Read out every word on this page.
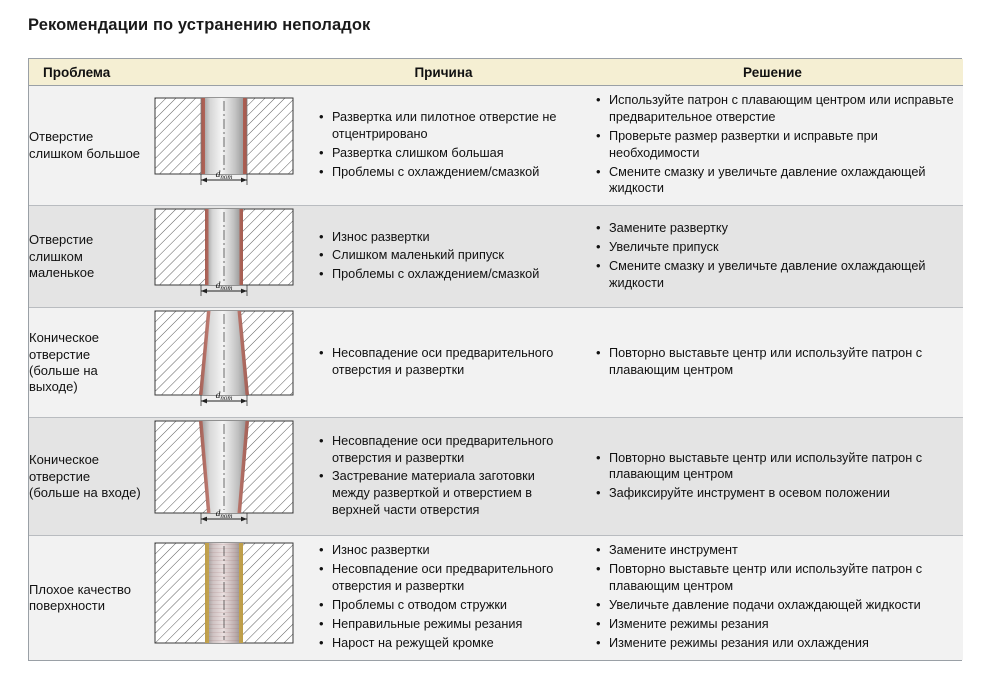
Рекомендации по устранению неполадок
Проблема		Причина	Решение
Отверстие слишком большое	
$d_{nom}$

• Развертка или пилотное отверстие не отцентрировано
• Развертка слишком большая
• Проблемы с охлаждением/смазкой

• Используйте патрон с плавающим центром или исправьте предварительное отверстие
• Проверьте размер развертки и исправьте при необходимости
• Смените смазку и увеличьте давление охлаждающей жидкости

Отверстие слишком маленькое	
$d_{nom}$

• Износ развертки
• Слишком маленький припуск
• Проблемы с охлаждением/смазкой

• Замените развертку
• Увеличьте припуск
• Смените смазку и увеличьте давление охлаждающей жидкости

Коническое отверстие (больше на выходе)	
$d_{nom}$

• Несовпадение оси предварительного отверстия и развертки

• Повторно выставьте центр или используйте патрон с плавающим центром

Коническое отверстие (больше на входе)	
$d_{nom}$

• Несовпадение оси предварительного отверстия и развертки
• Застревание материала заготовки между разверткой и отверстием в верхней части отверстия

• Повторно выставьте центр или используйте патрон с плавающим центром
• Зафиксируйте инструмент в осевом положении

Плохое качество поверхности		
• Износ развертки
• Несовпадение оси предварительного отверстия и развертки
• Проблемы с отводом стружки
• Неправильные режимы резания
• Нарост на режущей кромке

• Замените инструмент
• Повторно выставьте центр или используйте патрон с плавающим центром
• Увеличьте давление подачи охлаждающей жидкости
• Измените режимы резания
• Измените режимы резания или охлаждения
